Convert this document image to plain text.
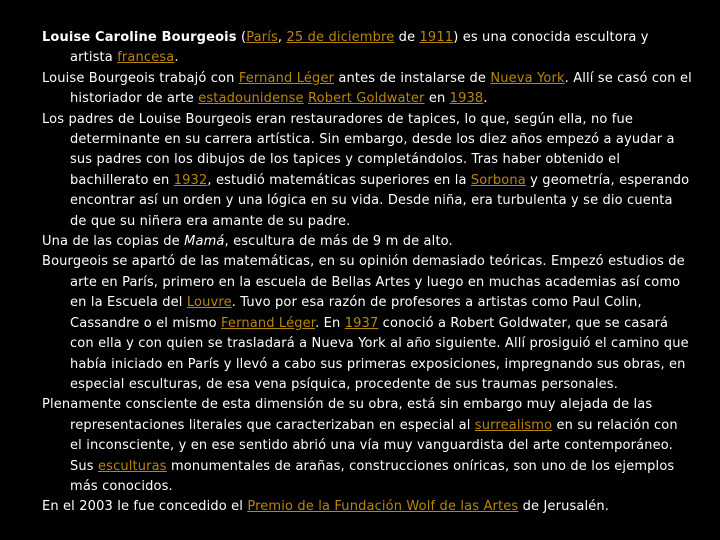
Louise Caroline Bourgeois (París, 25 de diciembre de 1911) es una conocida escultora y artista francesa.

Louise Bourgeois trabajó con Fernand Léger antes de instalarse de Nueva York. Allí se casó con el historiador de arte estadounidense Robert Goldwater en 1938.

Los padres de Louise Bourgeois eran restauradores de tapices, lo que, según ella, no fue determinante en su carrera artística. Sin embargo, desde los diez años empezó a ayudar a sus padres con los dibujos de los tapices y completándolos. Tras haber obtenido el bachillerato en 1932, estudió matemáticas superiores en la Sorbona y geometría, esperando encontrar así un orden y una lógica en su vida. Desde niña, era turbulenta y se dio cuenta de que su niñera era amante de su padre.

Una de las copias de Mamá, escultura de más de 9 m de alto.

Bourgeois se apartó de las matemáticas, en su opinión demasiado teóricas. Empezó estudios de arte en París, primero en la escuela de Bellas Artes y luego en muchas academias así como en la Escuela del Louvre. Tuvo por esa razón de profesores a artistas como Paul Colin, Cassandre o el mismo Fernand Léger. En 1937 conoció a Robert Goldwater, que se casará con ella y con quien se trasladará a Nueva York al año siguiente. Allí prosiguió el camino que había iniciado en París y llevó a cabo sus primeras exposiciones, impregnando sus obras, en especial esculturas, de esa vena psíquica, procedente de sus traumas personales.

Plenamente consciente de esta dimensión de su obra, está sin embargo muy alejada de las representaciones literales que caracterizaban en especial al surrealismo en su relación con el inconsciente, y en ese sentido abrió una vía muy vanguardista del arte contemporáneo. Sus esculturas monumentales de arañas, construcciones oníricas, son uno de los ejemplos más conocidos.

En el 2003 le fue concedido el Premio de la Fundación Wolf de las Artes de Jerusalén.
